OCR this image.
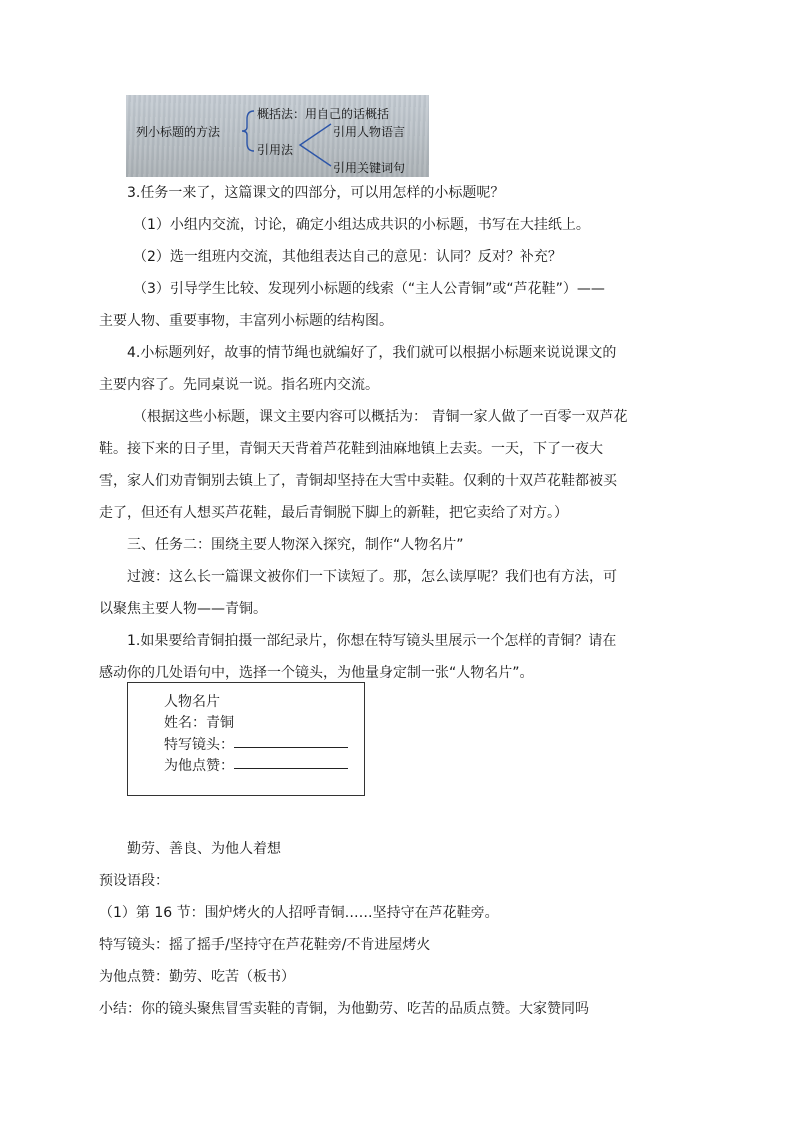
列小标题的方法
概括法：用自己的话概括
引用法
引用人物语言
引用关键词句
3.任务一来了，这篇课文的四部分，可以用怎样的小标题呢？
（1）小组内交流，讨论，确定小组达成共识的小标题，书写在大挂纸上。
（2）选一组班内交流，其他组表达自己的意见：认同？反对？补充？
（3）引导学生比较、发现列小标题的线索（“主人公青铜”或“芦花鞋”）——
主要人物、重要事物，丰富列小标题的结构图。
4.小标题列好，故事的情节绳也就编好了，我们就可以根据小标题来说说课文的
主要内容了。先同桌说一说。指名班内交流。
（根据这些小标题，课文主要内容可以概括为： 青铜一家人做了一百零一双芦花
鞋。接下来的日子里，青铜天天背着芦花鞋到油麻地镇上去卖。一天，下了一夜大
雪，家人们劝青铜别去镇上了，青铜却坚持在大雪中卖鞋。仅剩的十双芦花鞋都被买
走了，但还有人想买芦花鞋，最后青铜脱下脚上的新鞋，把它卖给了对方。）
三、任务二：围绕主要人物深入探究，制作“人物名片”
过渡：这么长一篇课文被你们一下读短了。那，怎么读厚呢？我们也有方法，可
以聚焦主要人物——青铜。
1.如果要给青铜拍摄一部纪录片，你想在特写镜头里展示一个怎样的青铜？请在
感动你的几处语句中，选择一个镜头，为他量身定制一张“人物名片”。
人物名片
姓名：青铜
特写镜头：
为他点赞：
勤劳、善良、为他人着想
预设语段：
（1）第 16 节：围炉烤火的人招呼青铜……坚持守在芦花鞋旁。
特写镜头：摇了摇手/坚持守在芦花鞋旁/不肯进屋烤火
为他点赞：勤劳、吃苦（板书）
小结：你的镜头聚焦冒雪卖鞋的青铜，为他勤劳、吃苦的品质点赞。大家赞同吗
